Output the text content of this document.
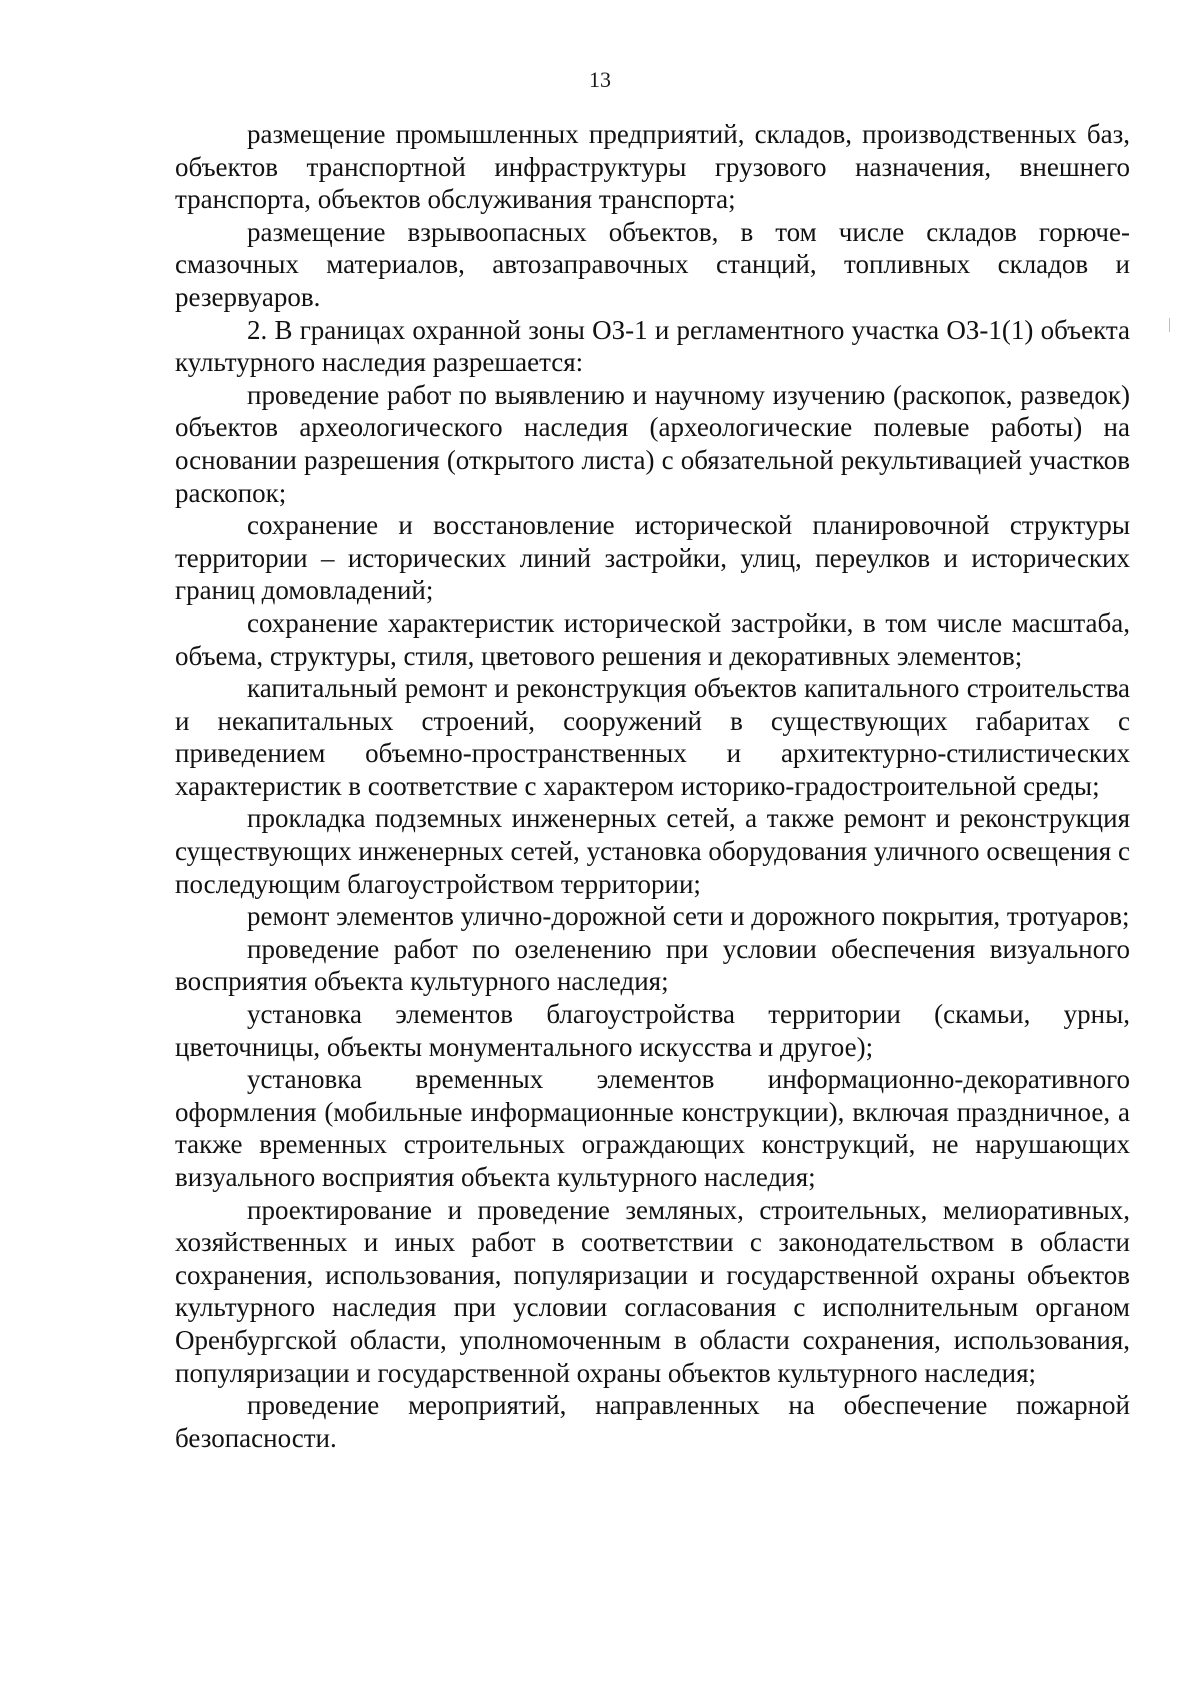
13

размещение промышленных предприятий, складов, производственных баз, объектов транспортной инфраструктуры грузового назначения, внешнего транспорта, объектов обслуживания транспорта;

размещение взрывоопасных объектов, в том числе складов горюче-смазочных материалов, автозаправочных станций, топливных складов и резервуаров.

2. В границах охранной зоны ОЗ-1 и регламентного участка ОЗ-1(1) объекта культурного наследия разрешается:

проведение работ по выявлению и научному изучению (раскопок, разведок) объектов археологического наследия (археологические полевые работы) на основании разрешения (открытого листа) с обязательной рекультивацией участков раскопок;

сохранение и восстановление исторической планировочной структуры территории – исторических линий застройки, улиц, переулков и исторических границ домовладений;

сохранение характеристик исторической застройки, в том числе масштаба, объема, структуры, стиля, цветового решения и декоративных элементов;

капитальный ремонт и реконструкция объектов капитального строительства и некапитальных строений, сооружений в существующих габаритах с приведением объемно-пространственных и архитектурно-стилистических характеристик в соответствие с характером историко-градостроительной среды;

прокладка подземных инженерных сетей, а также ремонт и реконструкция существующих инженерных сетей, установка оборудования уличного освещения с последующим благоустройством территории;

ремонт элементов улично-дорожной сети и дорожного покрытия, тротуаров;

проведение работ по озеленению при условии обеспечения визуального восприятия объекта культурного наследия;

установка элементов благоустройства территории (скамьи, урны, цветочницы, объекты монументального искусства и другое);

установка временных элементов информационно-декоративного оформления (мобильные информационные конструкции), включая праздничное, а также временных строительных ограждающих конструкций, не нарушающих визуального восприятия объекта культурного наследия;

проектирование и проведение земляных, строительных, мелиоративных, хозяйственных и иных работ в соответствии с законодательством в области сохранения, использования, популяризации и государственной охраны объектов культурного наследия при условии согласования с исполнительным органом Оренбургской области, уполномоченным в области сохранения, использования, популяризации и государственной охраны объектов культурного наследия;

проведение мероприятий, направленных на обеспечение пожарной безопасности.
